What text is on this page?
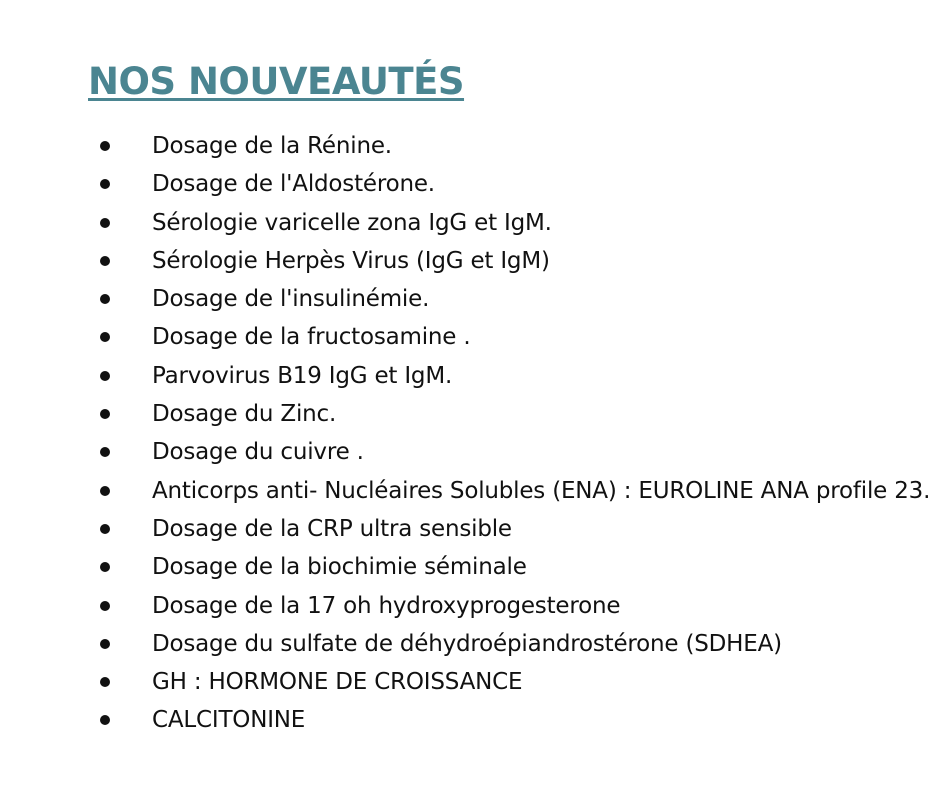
NOS NOUVEAUTÉS
Dosage de la Rénine.
Dosage de l'Aldostérone.
Sérologie varicelle zona IgG et IgM.
Sérologie Herpès Virus (IgG et IgM)
Dosage de l'insulinémie.
Dosage de la fructosamine .
Parvovirus B19 IgG et IgM.
Dosage du Zinc.
Dosage du cuivre .
Anticorps anti- Nucléaires Solubles (ENA) : EUROLINE ANA profile 23.
Dosage de la CRP ultra sensible
Dosage de la biochimie séminale
Dosage de la 17 oh hydroxyprogesterone
Dosage du sulfate de déhydroépiandrostérone (SDHEA)
GH : HORMONE DE CROISSANCE
CALCITONINE
